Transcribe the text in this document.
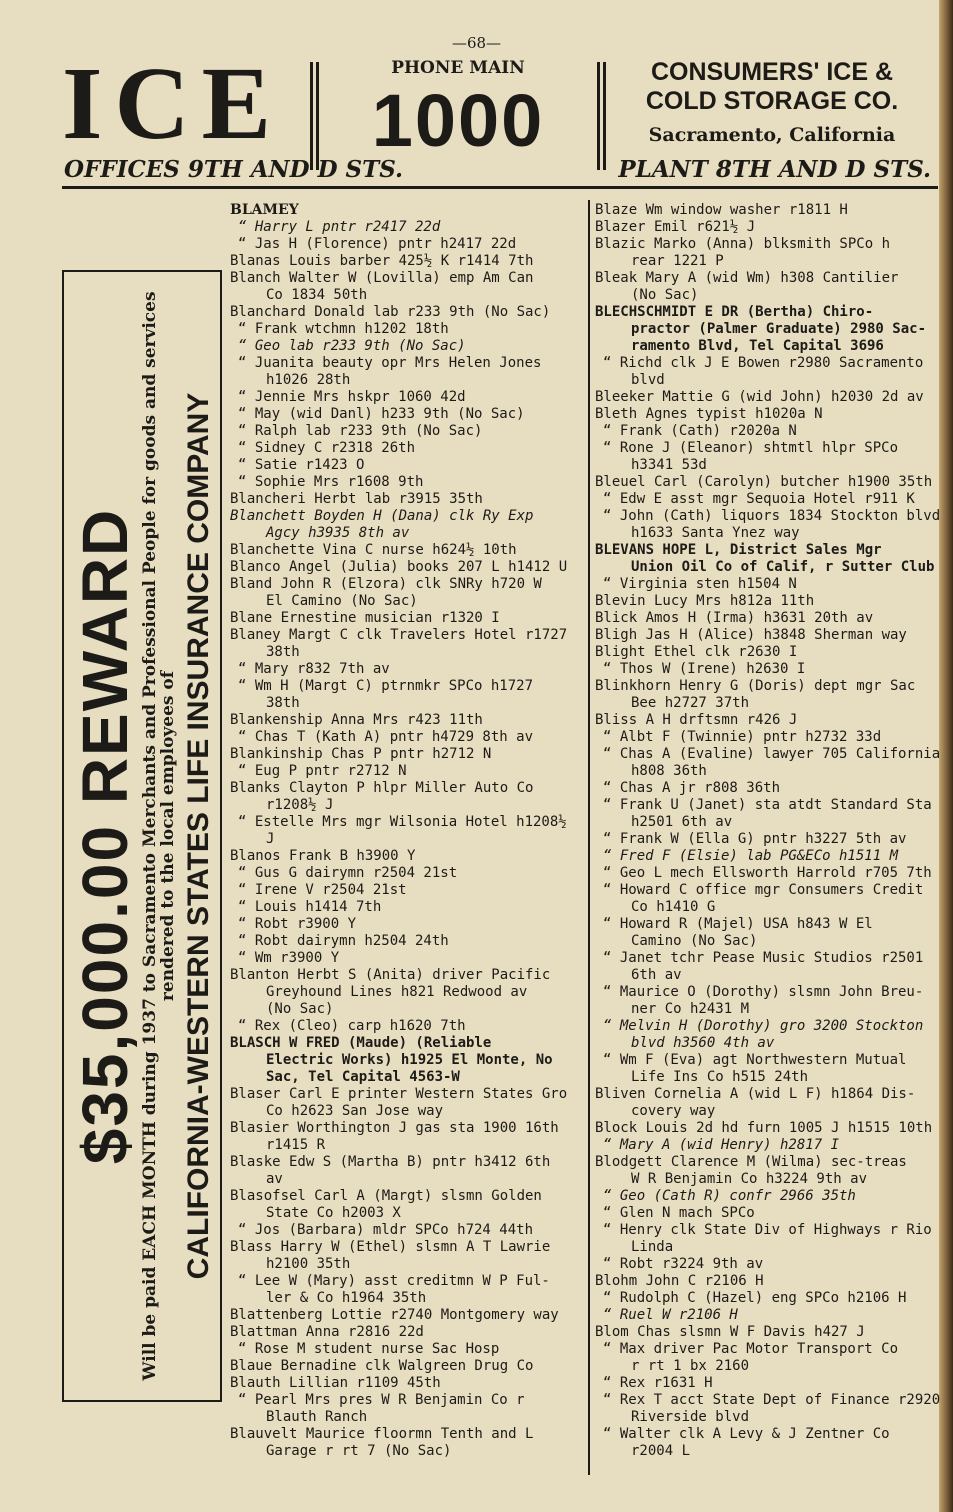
—68—
ICE	PHONE MAIN
1000
CONSUMERS' ICE &
COLD STORAGE CO.
Sacramento, California
OFFICES 9TH AND D STS.	PLANT 8TH AND D STS.
$35,000.00 REWARD Will be paid EACH MONTH during 1937 to Sacramento Merchants and Professional People for goods and services
rendered to the local employees of CALIFORNIA-WESTERN STATES LIFE INSURANCE COMPANY
BLAMEY
“ Harry L pntr r2417 22d
“ Jas H (Florence) pntr h2417 22d
Blanas Louis barber 425½ K r1414 7th
Blanch Walter W (Lovilla) emp Am Can
Co 1834 50th
Blanchard Donald lab r233 9th (No Sac)
“ Frank wtchmn h1202 18th
“ Geo lab r233 9th (No Sac)
“ Juanita beauty opr Mrs Helen Jones
h1026 28th
“ Jennie Mrs hskpr 1060 42d
“ May (wid Danl) h233 9th (No Sac)
“ Ralph lab r233 9th (No Sac)
“ Sidney C r2318 26th
“ Satie r1423 O
“ Sophie Mrs r1608 9th
Blancheri Herbt lab r3915 35th
Blanchett Boyden H (Dana) clk Ry Exp
Agcy h3935 8th av
Blanchette Vina C nurse h624½ 10th
Blanco Angel (Julia) books 207 L h1412 U
Bland John R (Elzora) clk SNRy h720 W
El Camino (No Sac)
Blane Ernestine musician r1320 I
Blaney Margt C clk Travelers Hotel r1727
38th
“ Mary r832 7th av
“ Wm H (Margt C) ptrnmkr SPCo h1727
38th
Blankenship Anna Mrs r423 11th
“ Chas T (Kath A) pntr h4729 8th av
Blankinship Chas P pntr h2712 N
“ Eug P pntr r2712 N
Blanks Clayton P hlpr Miller Auto Co
r1208½ J
“ Estelle Mrs mgr Wilsonia Hotel h1208½
J
Blanos Frank B h3900 Y
“ Gus G dairymn r2504 21st
“ Irene V r2504 21st
“ Louis h1414 7th
“ Robt r3900 Y
“ Robt dairymn h2504 24th
“ Wm r3900 Y
Blanton Herbt S (Anita) driver Pacific
Greyhound Lines h821 Redwood av
(No Sac)
“ Rex (Cleo) carp h1620 7th
BLASCH W FRED (Maude) (Reliable
Electric Works) h1925 El Monte, No
Sac, Tel Capital 4563-W
Blaser Carl E printer Western States Gro
Co h2623 San Jose way
Blasier Worthington J gas sta 1900 16th
r1415 R
Blaske Edw S (Martha B) pntr h3412 6th
av
Blasofsel Carl A (Margt) slsmn Golden
State Co h2003 X
“ Jos (Barbara) mldr SPCo h724 44th
Blass Harry W (Ethel) slsmn A T Lawrie
h2100 35th
“ Lee W (Mary) asst creditmn W P Ful-
ler & Co h1964 35th
Blattenberg Lottie r2740 Montgomery way
Blattman Anna r2816 22d
“ Rose M student nurse Sac Hosp
Blaue Bernadine clk Walgreen Drug Co
Blauth Lillian r1109 45th
“ Pearl Mrs pres W R Benjamin Co r
Blauth Ranch
Blauvelt Maurice floormn Tenth and L
Garage r rt 7 (No Sac)
Blaze Wm window washer r1811 H
Blazer Emil r621½ J
Blazic Marko (Anna) blksmith SPCo h
rear 1221 P
Bleak Mary A (wid Wm) h308 Cantilier
(No Sac)
BLECHSCHMIDT E DR (Bertha) Chiro-
practor (Palmer Graduate) 2980 Sac-
ramento Blvd, Tel Capital 3696
“ Richd clk J E Bowen r2980 Sacramento
blvd
Bleeker Mattie G (wid John) h2030 2d av
Bleth Agnes typist h1020a N
“ Frank (Cath) r2020a N
“ Rone J (Eleanor) shtmtl hlpr SPCo
h3341 53d
Bleuel Carl (Carolyn) butcher h1900 35th
“ Edw E asst mgr Sequoia Hotel r911 K
“ John (Cath) liquors 1834 Stockton blvd
h1633 Santa Ynez way
BLEVANS HOPE L, District Sales Mgr
Union Oil Co of Calif, r Sutter Club
“ Virginia sten h1504 N
Blevin Lucy Mrs h812a 11th
Blick Amos H (Irma) h3631 20th av
Bligh Jas H (Alice) h3848 Sherman way
Blight Ethel clk r2630 I
“ Thos W (Irene) h2630 I
Blinkhorn Henry G (Doris) dept mgr Sac
Bee h2727 37th
Bliss A H drftsmn r426 J
“ Albt F (Twinnie) pntr h2732 33d
“ Chas A (Evaline) lawyer 705 California
h808 36th
“ Chas A jr r808 36th
“ Frank U (Janet) sta atdt Standard Sta
h2501 6th av
“ Frank W (Ella G) pntr h3227 5th av
“ Fred F (Elsie) lab PG&ECo h1511 M
“ Geo L mech Ellsworth Harrold r705 7th
“ Howard C office mgr Consumers Credit
Co h1410 G
“ Howard R (Majel) USA h843 W El
Camino (No Sac)
“ Janet tchr Pease Music Studios r2501
6th av
“ Maurice O (Dorothy) slsmn John Breu-
ner Co h2431 M
“ Melvin H (Dorothy) gro 3200 Stockton
blvd h3560 4th av
“ Wm F (Eva) agt Northwestern Mutual
Life Ins Co h515 24th
Bliven Cornelia A (wid L F) h1864 Dis-
covery way
Block Louis 2d hd furn 1005 J h1515 10th
“ Mary A (wid Henry) h2817 I
Blodgett Clarence M (Wilma) sec-treas
W R Benjamin Co h3224 9th av
“ Geo (Cath R) confr 2966 35th
“ Glen N mach SPCo
“ Henry clk State Div of Highways r Rio
Linda
“ Robt r3224 9th av
Blohm John C r2106 H
“ Rudolph C (Hazel) eng SPCo h2106 H
“ Ruel W r2106 H
Blom Chas slsmn W F Davis h427 J
“ Max driver Pac Motor Transport Co
r rt 1 bx 2160
“ Rex r1631 H
“ Rex T acct State Dept of Finance r2920
Riverside blvd
“ Walter clk A Levy & J Zentner Co
r2004 L
